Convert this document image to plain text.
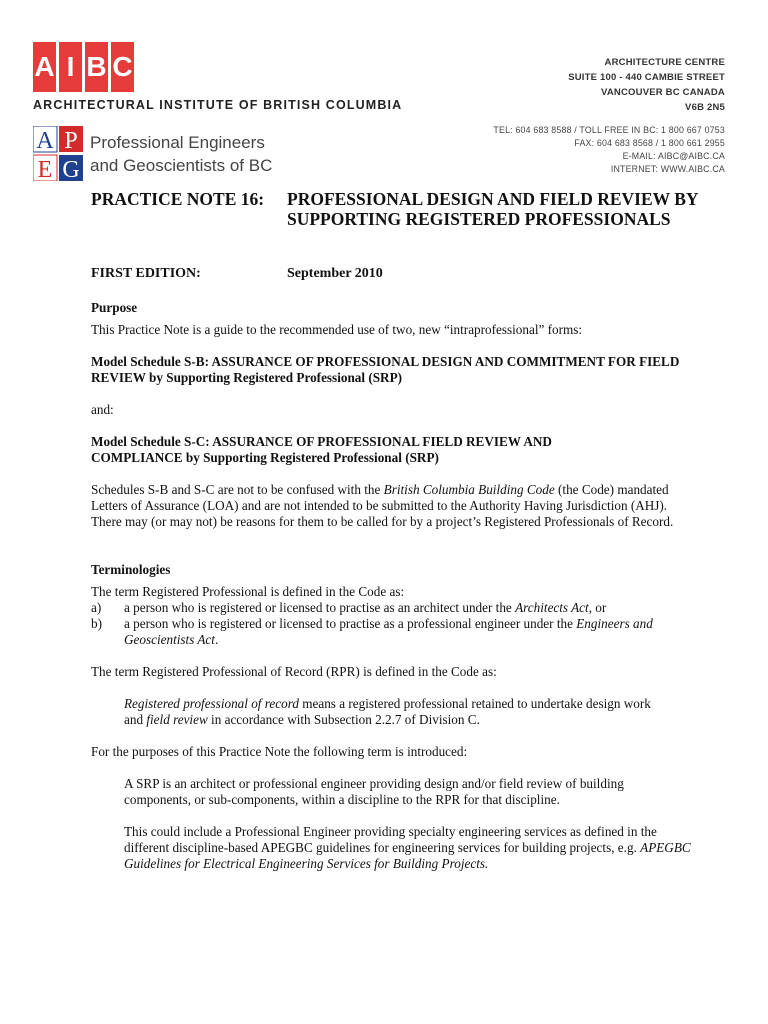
A I B C
ARCHITECTURAL INSTITUTE OF BRITISH COLUMBIA
ARCHITECTURE CENTRE
SUITE 100 - 440 CAMBIE STREET
VANCOUVER BC CANADA
V6B 2N5
TEL: 604 683 8588 / TOLL FREE IN BC: 1 800 667 0753
FAX: 604 683 8568 / 1 800 661 2955
E-MAIL: AIBC@AIBC.CA
INTERNET: WWW.AIBC.CA
A P
E G
Professional Engineers
and Geoscientists of BC
PRACTICE NOTE 16: PROFESSIONAL DESIGN AND FIELD REVIEW BY SUPPORTING REGISTERED PROFESSIONALS
FIRST EDITION:	September 2010
Purpose
This Practice Note is a guide to the recommended use of two, new “intraprofessional” forms:
Model Schedule S-B: ASSURANCE OF PROFESSIONAL DESIGN AND COMMITMENT FOR FIELD REVIEW by Supporting Registered Professional (SRP)
and:
Model Schedule S-C: ASSURANCE OF PROFESSIONAL FIELD REVIEW AND COMPLIANCE by Supporting Registered Professional (SRP)
Schedules S-B and S-C are not to be confused with the British Columbia Building Code (the Code) mandated Letters of Assurance (LOA) and are not intended to be submitted to the Authority Having Jurisdiction (AHJ). There may (or may not) be reasons for them to be called for by a project’s Registered Professionals of Record.
Terminologies
The term Registered Professional is defined in the Code as:
a) a person who is registered or licensed to practise as an architect under the Architects Act, or
b) a person who is registered or licensed to practise as a professional engineer under the Engineers and Geoscientists Act.
The term Registered Professional of Record (RPR) is defined in the Code as:
Registered professional of record means a registered professional retained to undertake design work and field review in accordance with Subsection 2.2.7 of Division C.
For the purposes of this Practice Note the following term is introduced:
A SRP is an architect or professional engineer providing design and/or field review of building components, or sub-components, within a discipline to the RPR for that discipline.
This could include a Professional Engineer providing specialty engineering services as defined in the different discipline-based APEGBC guidelines for engineering services for building projects, e.g. APEGBC Guidelines for Electrical Engineering Services for Building Projects.
